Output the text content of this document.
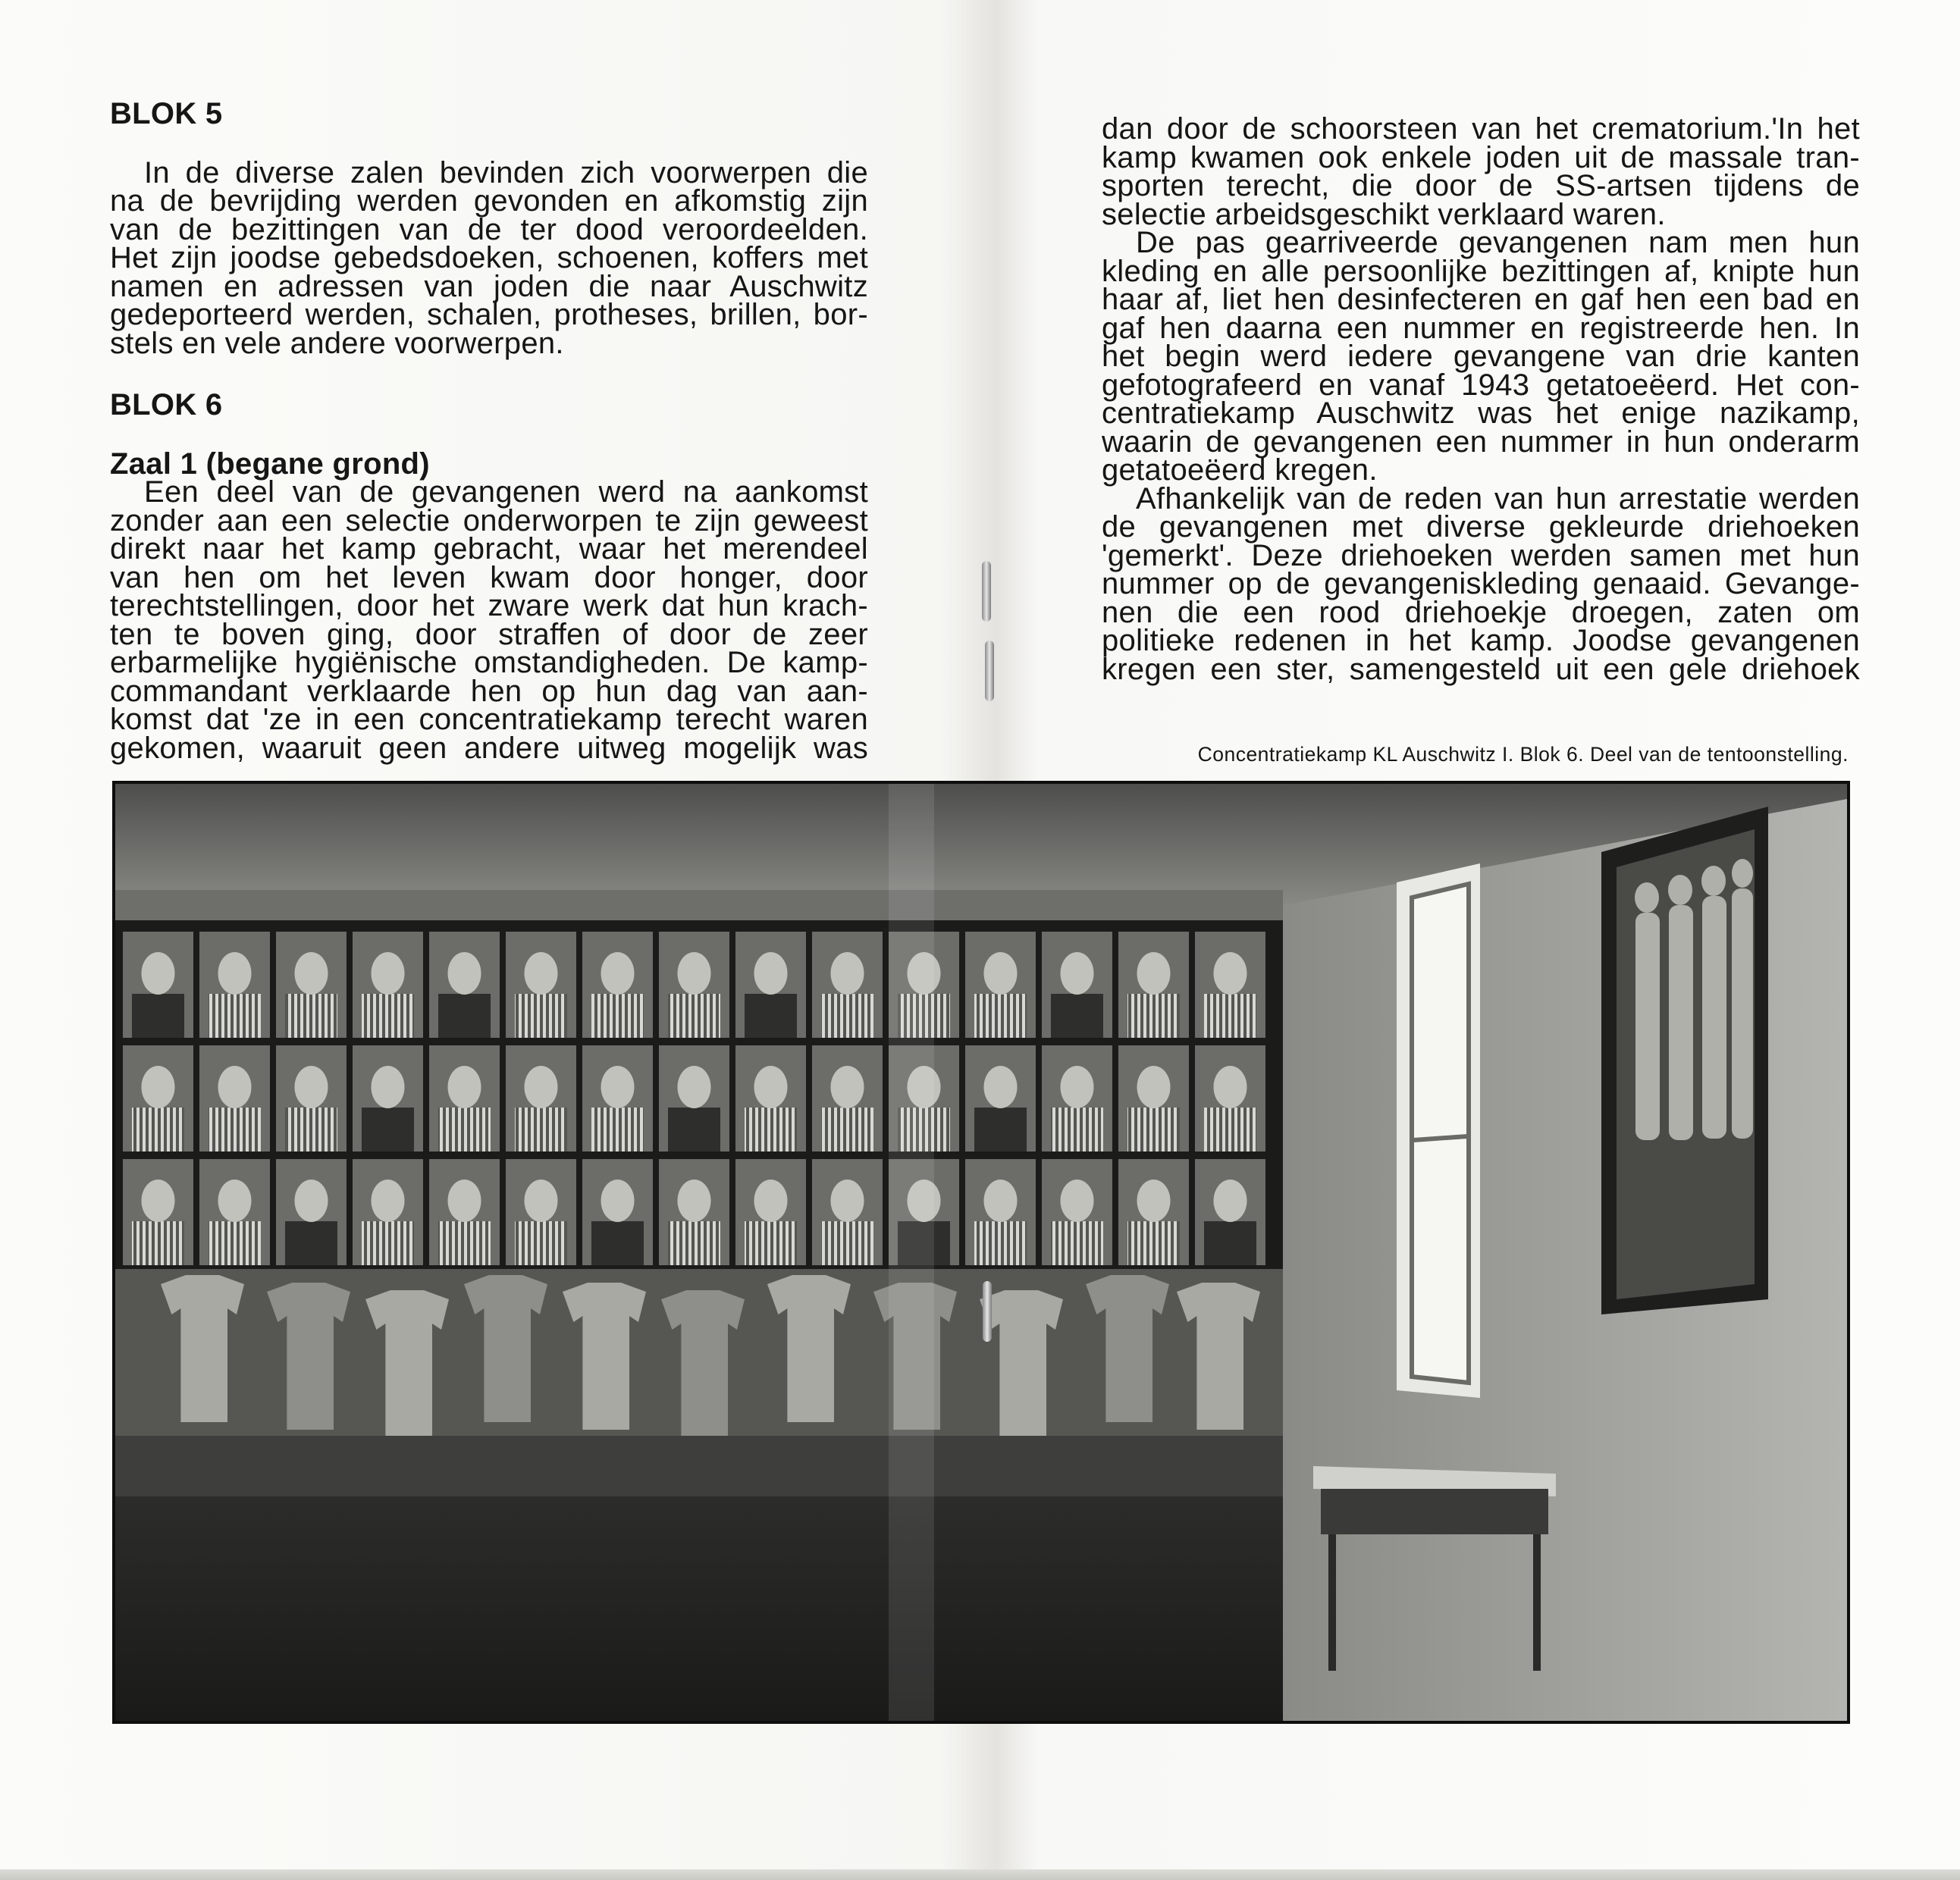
BLOK 5

In de diverse zalen bevinden zich voorwerpen die
na de bevrijding werden gevonden en afkomstig zijn
van de bezittingen van de ter dood veroordeelden.
Het zijn joodse gebedsdoeken, schoenen, koffers met
namen en adressen van joden die naar Auschwitz
gedeporteerd werden, schalen, protheses, brillen, bor-
stels en vele andere voorwerpen.

BLOK 6
Zaal 1 (begane grond)

Een deel van de gevangenen werd na aankomst
zonder aan een selectie onderworpen te zijn geweest
direkt naar het kamp gebracht, waar het merendeel
van hen om het leven kwam door honger, door
terechtstellingen, door het zware werk dat hun krach-
ten te boven ging, door straffen of door de zeer
erbarmelijke hygiënische omstandigheden. De kamp-
commandant verklaarde hen op hun dag van aan-
komst dat 'ze in een concentratiekamp terecht waren
gekomen, waaruit geen andere uitweg mogelijk was

dan door de schoorsteen van het crematorium.'In het
kamp kwamen ook enkele joden uit de massale tran-
sporten terecht, die door de SS-artsen tijdens de
selectie arbeidsgeschikt verklaard waren.

De pas gearriveerde gevangenen nam men hun
kleding en alle persoonlijke bezittingen af, knipte hun
haar af, liet hen desinfecteren en gaf hen een bad en
gaf hen daarna een nummer en registreerde hen. In
het begin werd iedere gevangene van drie kanten
gefotografeerd en vanaf 1943 getatoeëerd. Het con-
centratiekamp Auschwitz was het enige nazikamp,
waarin de gevangenen een nummer in hun onderarm
getatoeëerd kregen.

Afhankelijk van de reden van hun arrestatie werden
de gevangenen met diverse gekleurde driehoeken
'gemerkt'. Deze driehoeken werden samen met hun
nummer op de gevangeniskleding genaaid. Gevange-
nen die een rood driehoekje droegen, zaten om
politieke redenen in het kamp. Joodse gevangenen
kregen een ster, samengesteld uit een gele driehoek

Concentratiekamp KL Auschwitz I. Blok 6. Deel van de tentoonstelling.
